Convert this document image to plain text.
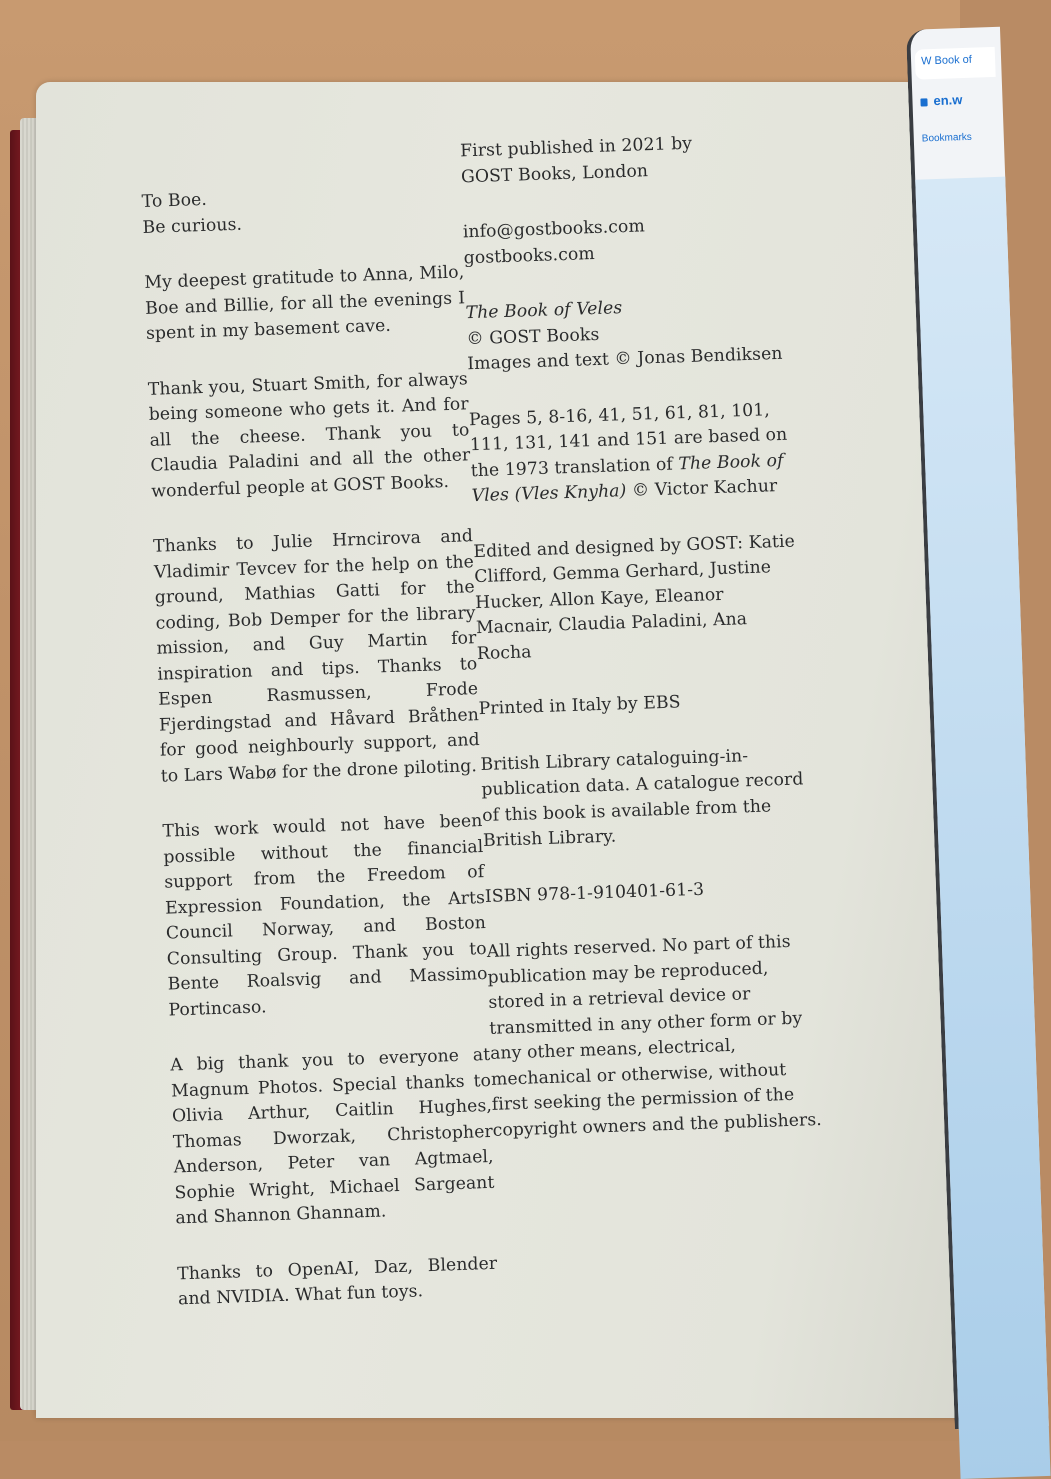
W Book of
en.w
Bookmarks

To Boe.
Be curious.

My deepest gratitude to Anna, Milo, Boe and Billie, for all the evenings I spent in my basement cave.

Thank you, Stuart Smith, for always being someone who gets it. And for all the cheese. Thank you to Claudia Paladini and all the other wonderful people at GOST Books.

Thanks to Julie Hrncirova and Vladimir Tevcev for the help on the ground, Mathias Gatti for the coding, Bob Demper for the library mission, and Guy Martin for inspiration and tips. Thanks to Espen Rasmussen, Frode Fjerdingstad and Håvard Bråthen for good neighbourly support, and to Lars Wabø for the drone piloting.

This work would not have been possible without the financial support from the Freedom of Expression Foundation, the Arts Council Norway, and Boston Consulting Group. Thank you to Bente Roalsvig and Massimo Portincaso.

A big thank you to everyone at Magnum Photos. Special thanks to Olivia Arthur, Caitlin Hughes, Thomas Dworzak, Christopher Anderson, Peter van Agtmael, Sophie Wright, Michael Sargeant and Shannon Ghannam.

Thanks to OpenAI, Daz, Blender and NVIDIA. What fun toys.

First published in 2021 by
GOST Books, London

info@gostbooks.com
gostbooks.com

The Book of Veles
© GOST Books
Images and text © Jonas Bendiksen

Pages 5, 8-16, 41, 51, 61, 81, 101, 111, 131, 141 and 151 are based on the 1973 translation of The Book of Vles (Vles Knyha) © Victor Kachur

Edited and designed by GOST: Katie Clifford, Gemma Gerhard, Justine Hucker, Allon Kaye, Eleanor Macnair, Claudia Paladini, Ana Rocha

Printed in Italy by EBS

British Library cataloguing-in-publication data. A catalogue record of this book is available from the British Library.

ISBN 978-1-910401-61-3

All rights reserved. No part of this publication may be reproduced, stored in a retrieval device or transmitted in any other form or by any other means, electrical, mechanical or otherwise, without first seeking the permission of the copyright owners and the publishers.
